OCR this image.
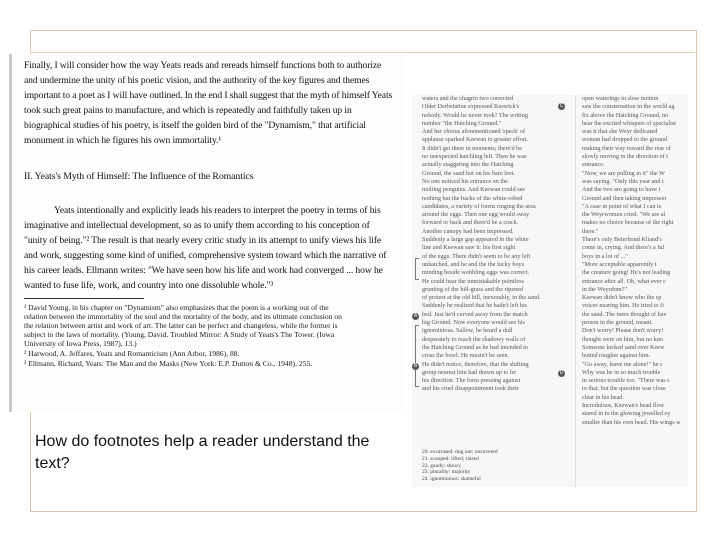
Finally, I will consider how the way Yeats reads and rereads himself functions both to authorize
and undermine the unity of his poetic vision, and the authority of the key figures and themes
important to a poet as I will have outlined. In the end I shall suggest that the myth of himself Yeats
took such great pains to manufacture, and which is repeatedly and faithfully taken up in
biographical studies of his poetry, is itself the golden bird of the "Dynamism," that artificial
monument in which he figures his own immortality.¹
II. Yeats's Myth of Himself: The Influence of the Romantics
Yeats intentionally and explicitly leads his readers to interpret the poetry in terms of his
imaginative and intellectual development, so as to unify them according to his conception of
"unity of being."² The result is that nearly every critic study in its attempt to unify views his life
and work, suggesting some kind of unified, comprehensive system toward which the narrative of
his career leads. Ellmann writes: "We have seen how his life and work had converged ... how he
wanted to fuse life, work, and country into one dissoluble whole."³
¹ David Young, in his chapter on "Dynamism" also emphasizes that the poem is a working out of the
relation between the immortality of the soul and the mortality of the body, and its ultimate conclusion on
the relation between artist and work of art. The latter can be perfect and changeless, while the former is
subject to the laws of mortality. (Young, David. Troubled Mirror: A Study of Yeats's The Tower. (Iowa
University of Iowa Press, 1987), 13.)
² Harwood, A. Jeffares, Yeats and Romanticism (Ann Arbor, 1986), 88.
³ Ellmann, Richard, Yeats: The Man and the Masks (New York: E.P. Dutton & Co., 1948), 255.
How do footnotes help a reader understand the text?
waters and the chagrin two corrected
Older Derbetatine expressed Keswick's
nobody. Would he never took? The writing
number "the Hatching Ground."
And her chorus aforementioned 'speck' of
applause sparked Keewan to greater effort.
It didn't get there in moments; there'd be
no unexpected hatchling left. Then he was
actually staggering into the Hatching
Ground, the sand hot on his bare feet.
No one noticed his entrance on the
molting penguins. And Keewan could see
nothing but the backs of the white-robed
candidates, a variety of forms ringing the area
around the eggs. Then one egg would sway
forward or back and there'd be a crack.
Another canopy had been impressed.
Suddenly a large gap appeared in the white
line and Keewan saw it: his first sight
of the eggs. There didn't seem to be any left
unhatched, and he and the the lucky boys
minding beside wobbling eggs was correct.
He could hear the unmistakable pointless
grunting of the hill-grass and the ripened
of protest at the old bill, inexorably, in the sand.
Suddenly he realized that he hadn't left his
bed. Just he'd curved away from the match
big Ground. Now everyone would see his
ignominious. Sallow, he heard a dull
desperately to reach the shadowy walls of
the Hatching Ground as he had intended to
cross the bowl. He mustn't be seen.
He didn't notice, therefore, that the shifting
group nearest him had drawn up to let
his direction. The form pressing against
and his cruel disappointment took their
open waterings in slow motion
saw the consternation in the world ag
fix above the Hatching Ground, no
hear the excited whispers of specialist
was it that she Weyr dedicated
woman had dropped to the ground
making their way toward the rear of
slowly moving in the direction of t
entrance.
"Now, we are pulling in it" the W
was saying. "Only this year and t
And the two are going to have t
Ground and then taking impressio
"A case in point of what I can te
the Weyrwomen cried. "We are al
makes no choice because of the right
there."
There's only Beterhond Kliand's
come in, crying. And there's a ful
boys in a lot of ..."
"More acceptable apparently t
the creature going! He's not leading
entrance after all. Oh, what ever c
in the Weyrdom?"
Keewan didn't know who the sp
voices nearing him. He tried to fi
the sand. The mere thought of hav
person in the ground, meant.
Don't worry! Please don't worry!
thought were on him, but no kno
Someone kicked sand over Keew
butted rougher against him.
"Go away, leave me alone!" he c
Why was he in so much trouble
in serious trouble too. "There was s
to that, but the question was close
clear in his head.
Incredulous, Keewan's head flow
stared in to the glowing jewelled ey
smaller than his own head. His wings w
20. excavated: dug out; uncovered
21. scooped: lifted; raised
22. gaudy: showy
23. plurality: majority
24. ignominious: shameful
A
B
C
D
